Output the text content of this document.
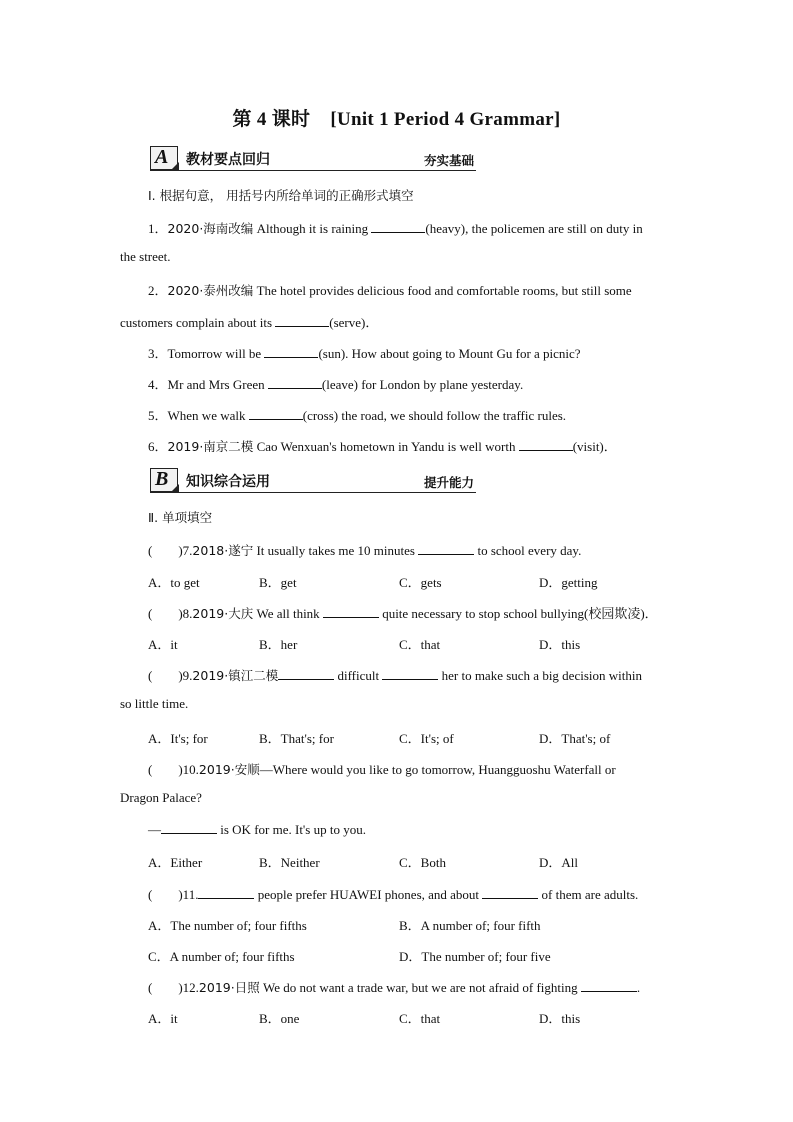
第 4 课时 [Unit 1 Period 4 Grammar]
A 教材要点回归	夯实基础
Ⅰ. 根据句意， 用括号内所给单词的正确形式填空
1．2020·海南改编 Although it is raining	(heavy), the policemen are still on duty in
the street.
2．2020·泰州改编 The hotel provides delicious food and comfortable rooms, but still some
customers complain about its	(serve)．
3．Tomorrow will be	(sun). How about going to Mount Gu for a picnic?
4．Mr and Mrs Green	(leave) for London by plane yesterday.
5．When we walk	(cross) the road, we should follow the traffic rules.
6．2019·南京二模 Cao Wenxuan's hometown in Yandu is well worth	(visit)．
B 知识综合运用	提升能力
Ⅱ. 单项填空
(　　)7.2018·遂宁 It usually takes me 10 minutes	to school every day.
A．to get	B．get	C．gets	D．getting
(　　)8.2019·大庆 We all think	quite necessary to stop school bullying(校园欺凌)．
A．it	B．her	C．that	D．this
(　　)9.2019·镇江二模	difficult	her to make such a big decision within
so little time.
A．It's; for	B．That's; for	C．It's; of	D．That's; of
(　　)10.2019·安顺—Where would you like to go tomorrow, Huangguoshu Waterfall or
Dragon Palace?
—	is OK for me. It's up to you.
A．Either	B．Neither	C．Both	D．All
(　　)11.	people prefer HUAWEI phones, and about	of them are adults.
A．The number of; four fifths	B．A number of; four fifth
C．A number of; four fifths	D．The number of; four five
(　　)12.2019·日照 We do not want a trade war, but we are not afraid of fighting	.
A．it	B．one	C．that	D．this
